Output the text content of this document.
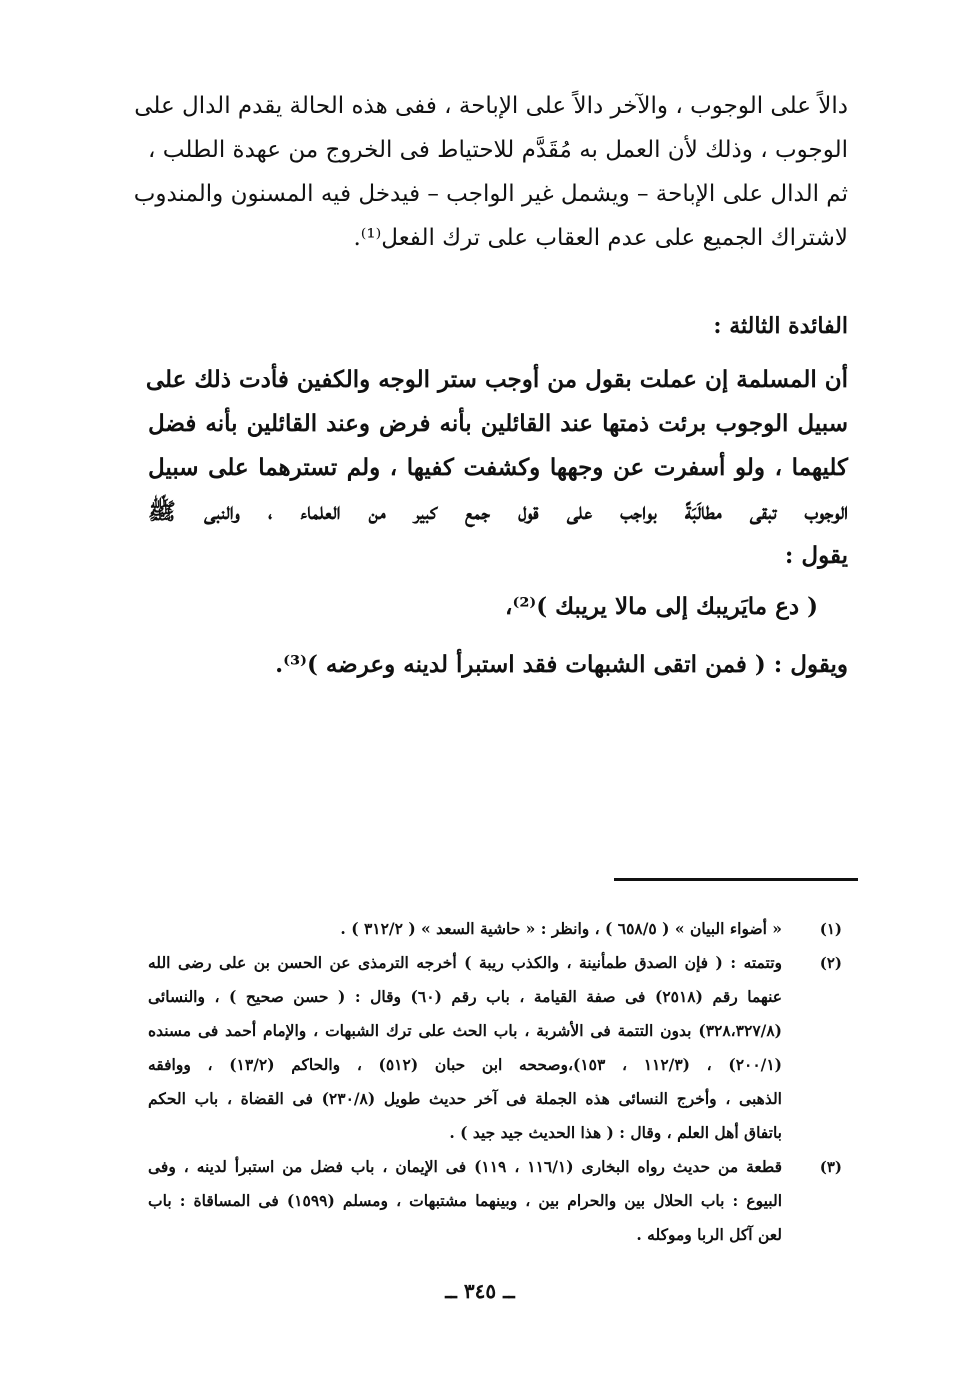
دالاً على الوجوب ، والآخر دالاً على الإباحة ، ففى هذه الحالة يقدم الدال على
الوجوب ، وذلك لأن العمل به مُقَدَّم للاحتياط فى الخروج من عهدة الطلب ،
ثم الدال على الإباحة – ويشمل غير الواجب – فيدخل فيه المسنون والمندوب
لاشتراك الجميع على عدم العقاب على ترك الفعل⁽¹⁾.
الفائدة الثالثة :
أن المسلمة إن عملت بقول من أوجب ستر الوجه والكفين فأدت ذلك على
سبيل الوجوب برئت ذمتها عند القائلين بأنه فرض وعند القائلين بأنه فضل
كليهما ، ولو أسفرت عن وجهها وكشفت كفيها ، ولم تسترهما على سبيل
الوجوب تبقى مطالَبَةً بواجب على قول جمع كبير من العلماء ، والنبى ﷺ
يقول :
( دع مايَريبك إلى مالا يريبك )⁽²⁾،
ويقول : ( فمن اتقى الشبهات فقد استبرأ لدينه وعرضه )⁽³⁾.
(١)
« أضواء البيان » ( ٦٥٨/٥ ) ، وانظر : « حاشية السعد » ( ٣١٢/٢ ) .
(٢)
وتتمته : ( فإن الصدق طمأنينة ، والكذب ريبة ) أخرجه الترمذى عن الحسن بن على رضى الله
عنهما رقم (٢٥١٨) فى صفة القيامة ، باب رقم (٦٠) وقال : ( حسن صحيح ) ، والنسائى
(٣٢٨،٣٢٧/٨) بدون التتمة فى الأشربة ، باب الحث على ترك الشبهات ، والإمام أحمد فى مسنده
(٢٠٠/١) ، (١١٢/٣ ، ١٥٣)،وصححه ابن حبان (٥١٢) ، والحاكم (١٣/٢) ، ووافقه
الذهبى ، وأخرج النسائى هذه الجملة فى آخر حديث طويل (٢٣٠/٨) فى القضاة ، باب الحكم
باتفاق أهل العلم ، وقال : ( هذا الحديث جيد جيد ) .
(٣)
قطعة من حديث رواه البخارى (١١٦/١ ، ١١٩) فى الإيمان ، باب فضل من استبرأ لدينه ، وفى
البيوع : باب الحلال بين والحرام بين ، وبينهما مشتبهات ، ومسلم (١٥٩٩) فى المساقاة : باب
لعن آكل الربا وموكله .
ــ ٣٤٥ ــ
